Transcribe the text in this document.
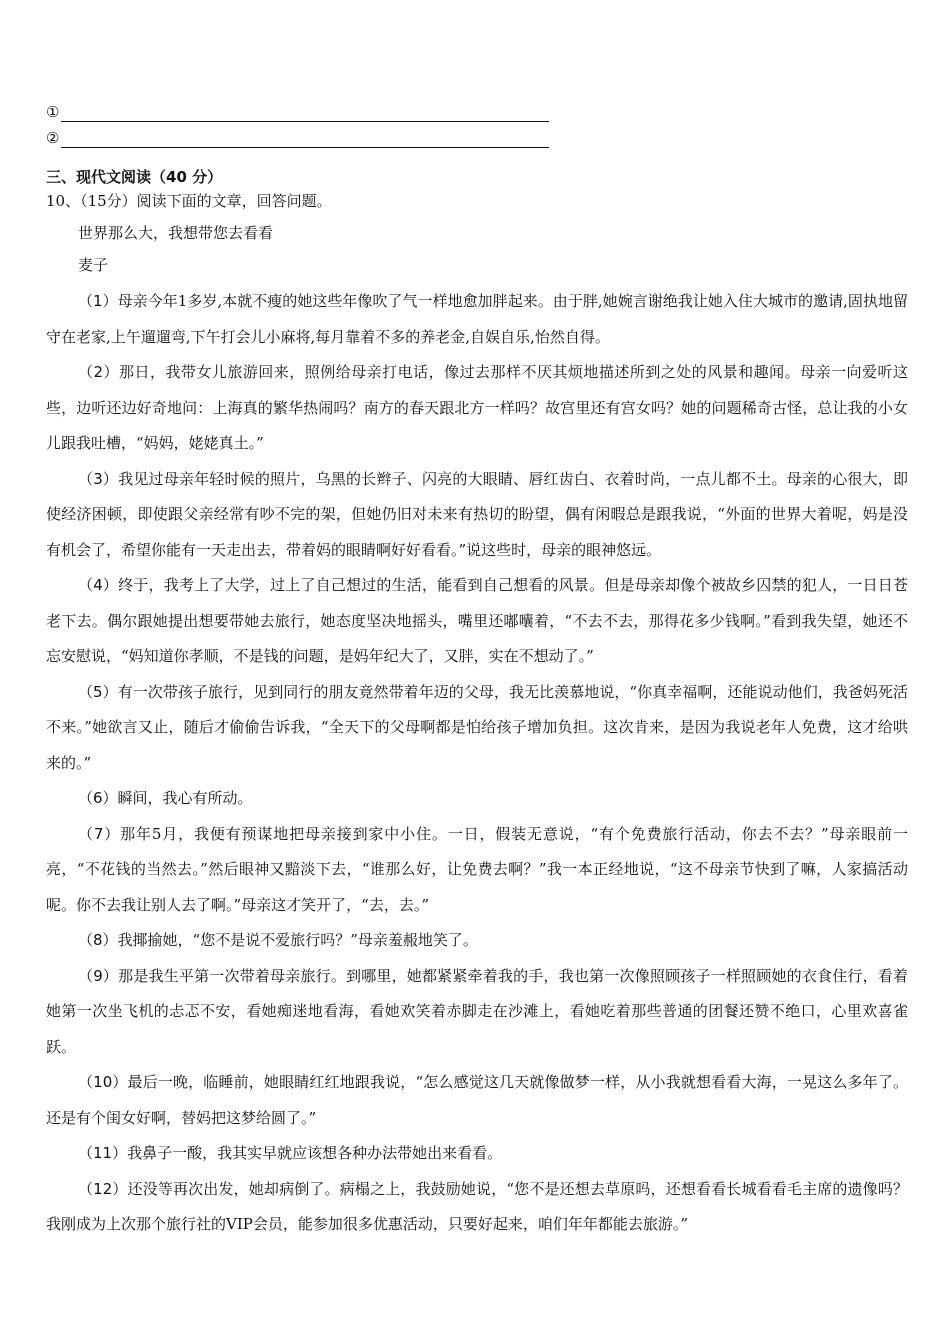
①
②
三、现代文阅读（40 分）
10、（15分）阅读下面的文章，回答问题。
世界那么大，我想带您去看看
麦子

（1）母亲今年1多岁,本就不瘦的她这些年像吹了气一样地愈加胖起来。由于胖,她婉言谢绝我让她入住大城市的邀请,固执地留守在老家,上午遛遛弯,下午打会儿小麻将,每月靠着不多的养老金,自娱自乐,怡然自得。

（2）那日，我带女儿旅游回来，照例给母亲打电话，像过去那样不厌其烦地描述所到之处的风景和趣闻。母亲一向爱听这些，边听还边好奇地问：上海真的繁华热闹吗？南方的春天跟北方一样吗？故宫里还有宫女吗？她的问题稀奇古怪，总让我的小女儿跟我吐槽，“妈妈，姥姥真土。”

（3）我见过母亲年轻时候的照片，乌黑的长辫子、闪亮的大眼睛、唇红齿白、衣着时尚，一点儿都不土。母亲的心很大，即使经济困顿，即使跟父亲经常有吵不完的架，但她仍旧对未来有热切的盼望，偶有闲暇总是跟我说，“外面的世界大着呢，妈是没有机会了，希望你能有一天走出去，带着妈的眼睛啊好好看看。”说这些时，母亲的眼神悠远。

（4）终于，我考上了大学，过上了自己想过的生活，能看到自己想看的风景。但是母亲却像个被故乡囚禁的犯人，一日日苍老下去。偶尔跟她提出想要带她去旅行，她态度坚决地摇头，嘴里还嘟囔着，“不去不去，那得花多少钱啊。”看到我失望，她还不忘安慰说，“妈知道你孝顺，不是钱的问题，是妈年纪大了，又胖，实在不想动了。”

（5）有一次带孩子旅行，见到同行的朋友竟然带着年迈的父母，我无比羡慕地说，“你真幸福啊，还能说动他们，我爸妈死活不来。”她欲言又止，随后才偷偷告诉我，“全天下的父母啊都是怕给孩子增加负担。这次肯来，是因为我说老年人免费，这才给哄来的。”

（6）瞬间，我心有所动。

（7）那年5月，我便有预谋地把母亲接到家中小住。一日，假装无意说，“有个免费旅行活动，你去不去？”母亲眼前一亮，“不花钱的当然去。”然后眼神又黯淡下去，“谁那么好，让免费去啊？”我一本正经地说，“这不母亲节快到了嘛，人家搞活动呢。你不去我让别人去了啊。”母亲这才笑开了，“去，去。”

（8）我揶揄她，“您不是说不爱旅行吗？”母亲羞赧地笑了。

（9）那是我生平第一次带着母亲旅行。到哪里，她都紧紧牵着我的手，我也第一次像照顾孩子一样照顾她的衣食住行，看着她第一次坐飞机的忐忑不安，看她痴迷地看海，看她欢笑着赤脚走在沙滩上，看她吃着那些普通的团餐还赞不绝口，心里欢喜雀跃。

（10）最后一晚，临睡前，她眼睛红红地跟我说，“怎么感觉这几天就像做梦一样，从小我就想看看大海，一晃这么多年了。还是有个闺女好啊，替妈把这梦给圆了。”

（11）我鼻子一酸，我其实早就应该想各种办法带她出来看看。

（12）还没等再次出发，她却病倒了。病榻之上，我鼓励她说，“您不是还想去草原吗，还想看看长城看看毛主席的遗像吗？我刚成为上次那个旅行社的VIP会员，能参加很多优惠活动，只要好起来，咱们年年都能去旅游。”
